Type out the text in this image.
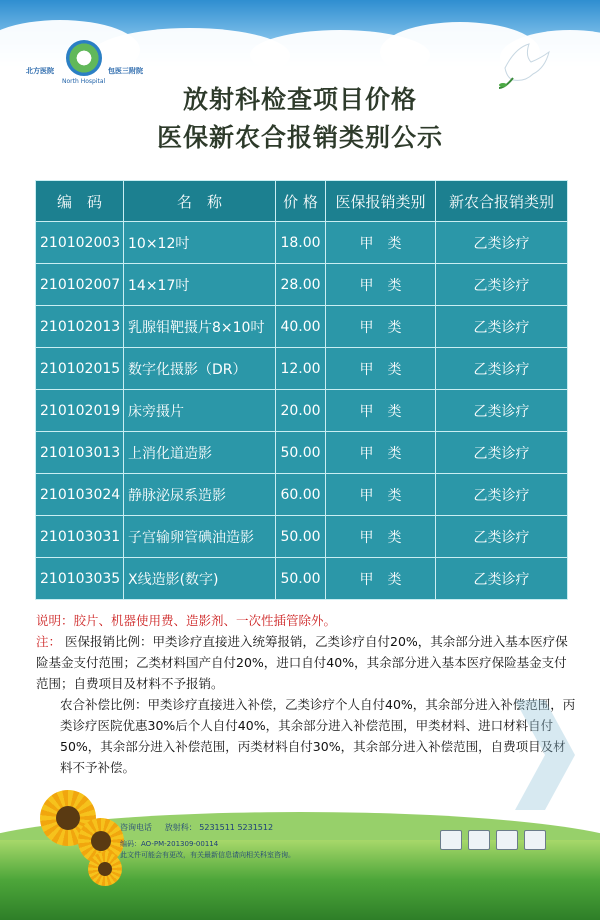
北方医院	包医三附院
North Hospital
放射科检查项目价格
医保新农合报销类别公示
编　码	名　称	价 格	医保报销类别	新农合报销类别
210102003	10×12吋	18.00	甲　类	乙类诊疗
210102007	14×17吋	28.00	甲　类	乙类诊疗
210102013	乳腺钼靶摄片8×10吋	40.00	甲　类	乙类诊疗
210102015	数字化摄影（DR）	12.00	甲　类	乙类诊疗
210102019	床旁摄片	20.00	甲　类	乙类诊疗
210103013	上消化道造影	50.00	甲　类	乙类诊疗
210103024	静脉泌尿系造影	60.00	甲　类	乙类诊疗
210103031	子宫输卵管碘油造影	50.00	甲　类	乙类诊疗
210103035	X线造影(数字)	50.00	甲　类	乙类诊疗

说明：胶片、机器使用费、造影剂、一次性插管除外。

注： 医保报销比例：甲类诊疗直接进入统筹报销，乙类诊疗自付20%，其余部分进入基本医疗保险基金支付范围；乙类材料国产自付20%，进口自付40%，其余部分进入基本医疗保险基金支付范围；自费项目及材料不予报销。

农合补偿比例：甲类诊疗直接进入补偿，乙类诊疗个人自付40%，其余部分进入补偿范围，丙类诊疗医院优惠30%后个人自付40%，其余部分进入补偿范围，甲类材料、进口材料自付50%，其余部分进入补偿范围，丙类材料自付30%，其余部分进入补偿范围，自费项目及材料不予补偿。

咨询电话 放射科： 5231511 5231512
编码：AO-PM-201309-00114
此文件可能会有更改，有关最新信息请向相关科室咨询。
